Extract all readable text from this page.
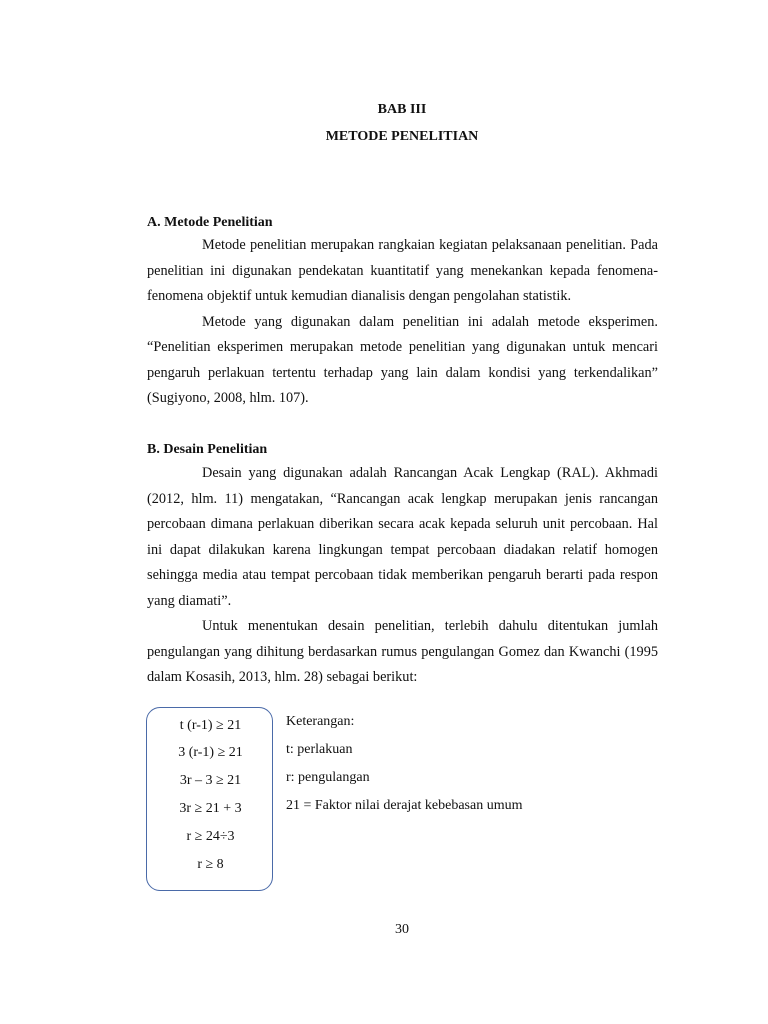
BAB III
METODE PENELITIAN
A. Metode Penelitian

Metode penelitian merupakan rangkaian kegiatan pelaksanaan penelitian. Pada penelitian ini digunakan pendekatan kuantitatif yang menekankan kepada fenomena-fenomena objektif untuk kemudian dianalisis dengan pengolahan statistik.

Metode yang digunakan dalam penelitian ini adalah metode eksperimen. “Penelitian eksperimen merupakan metode penelitian yang digunakan untuk mencari pengaruh perlakuan tertentu terhadap yang lain dalam kondisi yang terkendalikan” (Sugiyono, 2008, hlm. 107).

B. Desain Penelitian

Desain yang digunakan adalah Rancangan Acak Lengkap (RAL). Akhmadi (2012, hlm. 11) mengatakan, “Rancangan acak lengkap merupakan jenis rancangan percobaan dimana perlakuan diberikan secara acak kepada seluruh unit percobaan. Hal ini dapat dilakukan karena lingkungan tempat percobaan diadakan relatif homogen sehingga media atau tempat percobaan tidak memberikan pengaruh berarti pada respon yang diamati”.

Untuk menentukan desain penelitian, terlebih dahulu ditentukan jumlah pengulangan yang dihitung berdasarkan rumus pengulangan Gomez dan Kwanchi (1995 dalam Kosasih, 2013, hlm. 28) sebagai berikut:

t (r-1) ≥ 21
3 (r-1) ≥ 21
3r – 3 ≥ 21
3r ≥ 21 + 3
r ≥ 24÷3
r ≥ 8
Keterangan:
t: perlakuan
r: pengulangan
21 = Faktor nilai derajat kebebasan umum
30
